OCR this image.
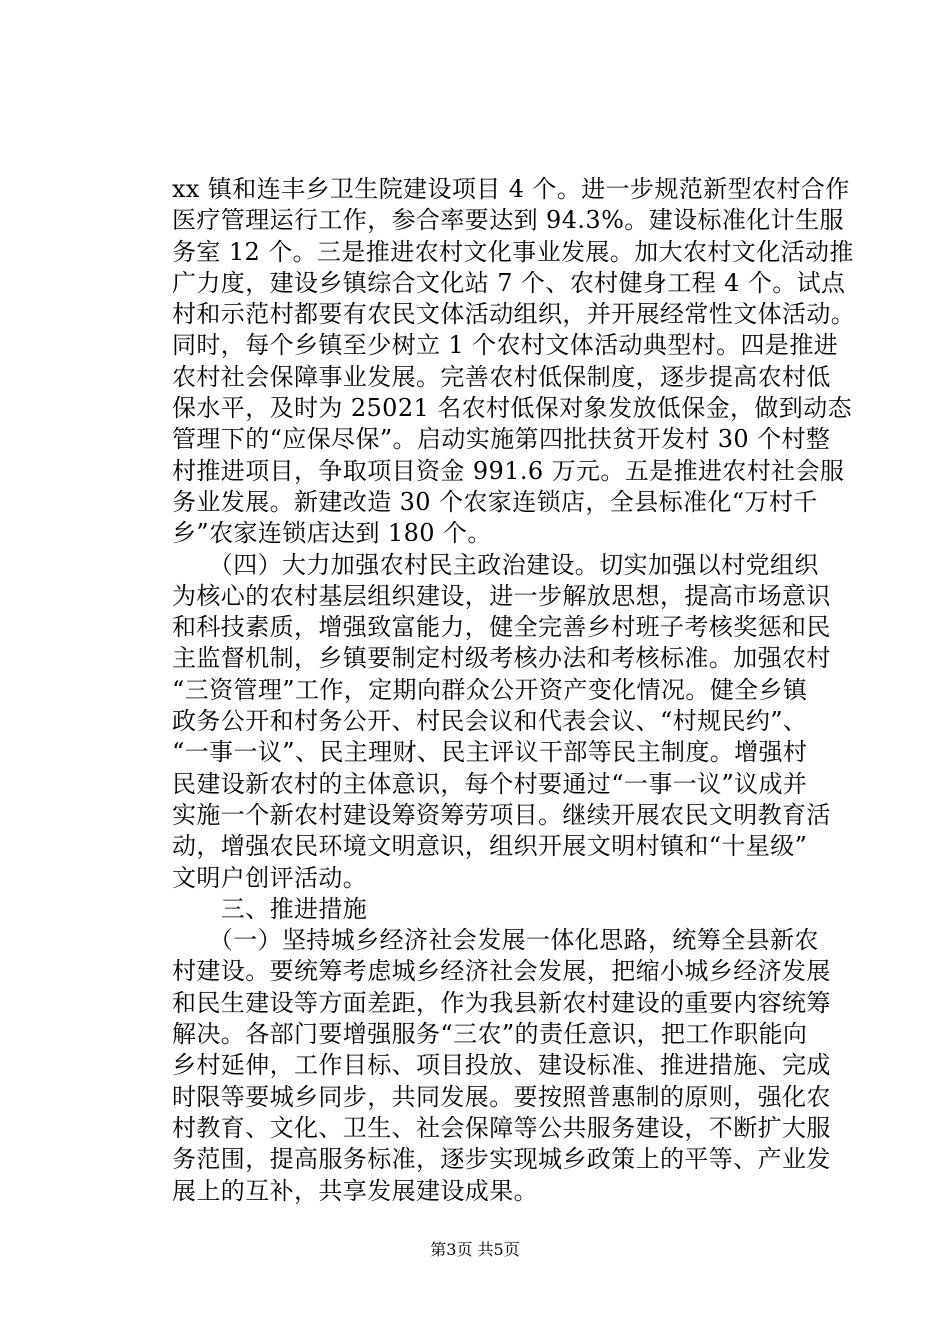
xx 镇和连丰乡卫生院建设项目 4 个。进一步规范新型农村合作
医疗管理运行工作，参合率要达到 94.3%。建设标准化计生服
务室 12 个。三是推进农村文化事业发展。加大农村文化活动推
广力度，建设乡镇综合文化站 7 个、农村健身工程 4 个。试点
村和示范村都要有农民文体活动组织，并开展经常性文体活动。
同时，每个乡镇至少树立 1 个农村文体活动典型村。四是推进
农村社会保障事业发展。完善农村低保制度，逐步提高农村低
保水平，及时为 25021 名农村低保对象发放低保金，做到动态
管理下的“应保尽保”。启动实施第四批扶贫开发村 30 个村整
村推进项目，争取项目资金 991.6 万元。五是推进农村社会服
务业发展。新建改造 30 个农家连锁店，全县标准化“万村千
乡”农家连锁店达到 180 个。
　　（四）大力加强农村民主政治建设。切实加强以村党组织
为核心的农村基层组织建设，进一步解放思想，提高市场意识
和科技素质，增强致富能力，健全完善乡村班子考核奖惩和民
主监督机制，乡镇要制定村级考核办法和考核标准。加强农村
“三资管理”工作，定期向群众公开资产变化情况。健全乡镇
政务公开和村务公开、村民会议和代表会议、“村规民约”、
“一事一议”、民主理财、民主评议干部等民主制度。增强村
民建设新农村的主体意识，每个村要通过“一事一议”议成并
实施一个新农村建设筹资筹劳项目。继续开展农民文明教育活
动，增强农民环境文明意识，组织开展文明村镇和“十星级”
文明户创评活动。
　　三、推进措施
　　（一）坚持城乡经济社会发展一体化思路，统筹全县新农
村建设。要统筹考虑城乡经济社会发展，把缩小城乡经济发展
和民生建设等方面差距，作为我县新农村建设的重要内容统筹
解决。各部门要增强服务“三农”的责任意识，把工作职能向
乡村延伸，工作目标、项目投放、建设标准、推进措施、完成
时限等要城乡同步，共同发展。要按照普惠制的原则，强化农
村教育、文化、卫生、社会保障等公共服务建设，不断扩大服
务范围，提高服务标准，逐步实现城乡政策上的平等、产业发
展上的互补，共享发展建设成果。
第3页 共5页
